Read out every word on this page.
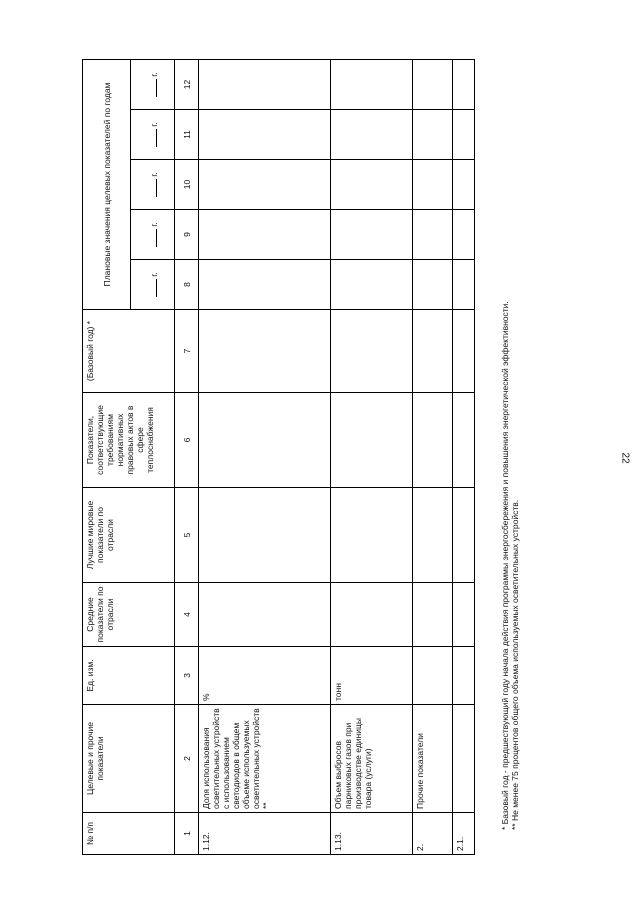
22
№ п/п	Целевые и прочие показатели	Ед. изм.	Средние показатели по отрасли	Лучшие мировые показатели по отрасли	Показатели, соответствующие требованиям нормативных правовых актов в сфере теплоснабжения	(Базовый год) *	Плановые значения целевых показателей по годам				
							г.	г.	г.	г.	г.
1	2	3	4	5	6	7	8	9	10	11	12
1.12.	Доля использования осветительных устройств с использованием светодиодов в общем объеме используемых осветительных устройств **	%									
1.13.	Объем выбросов парниковых газов при производстве единицы товара (услуги)	тонн									
2.	Прочие показатели										
2.1.											

* Базовый год - предшествующий году начала действия программы энергосбережения и повышения энергетической эффективности. ** Не менее 75 процентов общего объема используемых осветительных устройств.
